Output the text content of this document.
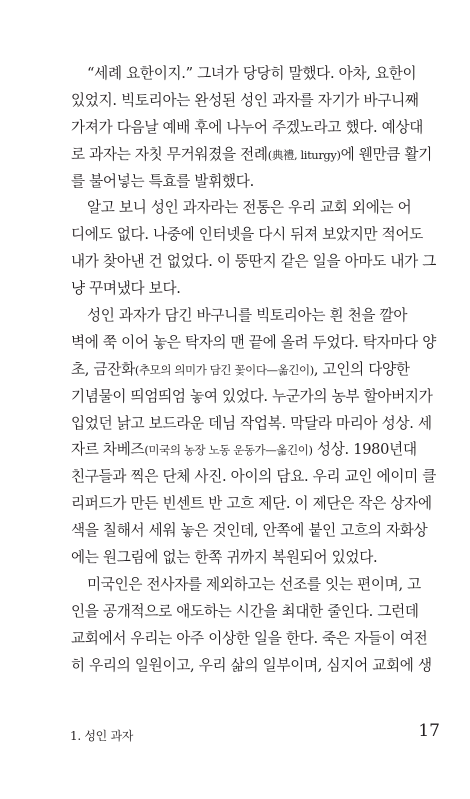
“세례 요한이지.” 그녀가 당당히 말했다. 아차, 요한이
있었지. 빅토리아는 완성된 성인 과자를 자기가 바구니째
가져가 다음날 예배 후에 나누어 주겠노라고 했다. 예상대
로 과자는 자칫 무거워졌을 전례(典禮, liturgy)에 웬만큼 활기
를 불어넣는 특효를 발휘했다.
알고 보니 성인 과자라는 전통은 우리 교회 외에는 어
디에도 없다. 나중에 인터넷을 다시 뒤져 보았지만 적어도
내가 찾아낸 건 없었다. 이 뚱딴지 같은 일을 아마도 내가 그
냥 꾸며냈다 보다.
성인 과자가 담긴 바구니를 빅토리아는 흰 천을 깔아
벽에 쭉 이어 놓은 탁자의 맨 끝에 올려 두었다. 탁자마다 양
초, 금잔화(추모의 의미가 담긴 꽃이다—옮긴이), 고인의 다양한
기념물이 띄엄띄엄 놓여 있었다. 누군가의 농부 할아버지가
입었던 낡고 보드라운 데님 작업복. 막달라 마리아 성상. 세
자르 차베즈(미국의 농장 노동 운동가—옮긴이) 성상. 1980년대
친구들과 찍은 단체 사진. 아이의 담요. 우리 교인 에이미 클
리퍼드가 만든 빈센트 반 고흐 제단. 이 제단은 작은 상자에
색을 칠해서 세워 놓은 것인데, 안쪽에 붙인 고흐의 자화상
에는 원그림에 없는 한쪽 귀까지 복원되어 있었다.
미국인은 전사자를 제외하고는 선조를 잇는 편이며, 고
인을 공개적으로 애도하는 시간을 최대한 줄인다. 그런데
교회에서 우리는 아주 이상한 일을 한다. 죽은 자들이 여전
히 우리의 일원이고, 우리 삶의 일부이며, 심지어 교회에 생
1. 성인 과자	17
